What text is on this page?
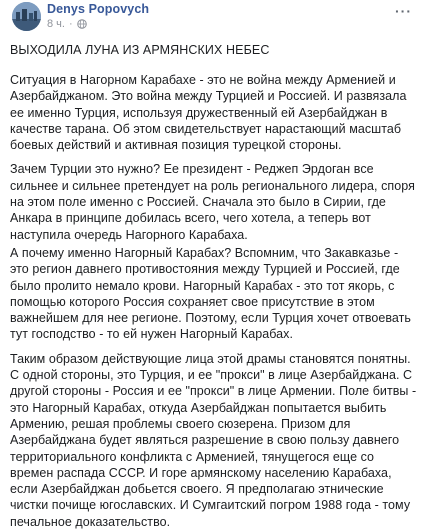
Denys Popovych
8 ч. ·
···
ВЫХОДИЛА ЛУНА ИЗ АРМЯНСКИХ НЕБЕС

Ситуация в Нагорном Карабахе - это не война между Арменией и Азербайджаном. Это война между Турцией и Россией. И развязала ее именно Турция, используя дружественный ей Азербайджан в качестве тарана. Об этом свидетельствует нарастающий масштаб боевых действий и активная позиция турецкой стороны.

Зачем Турции это нужно? Ее президент - Реджеп Эрдоган все сильнее и сильнее претендует на роль регионального лидера, споря на этом поле именно с Россией. Сначала это было в Сирии, где Анкара в принципе добилась всего, чего хотела, а теперь вот наступила очередь Нагорного Карабаха.

А почему именно Нагорный Карабах? Вспомним, что Закавказье - это регион давнего противостояния между Турцией и Россией, где было пролито немало крови. Нагорный Карабах - это тот якорь, с помощью которого Россия сохраняет свое присутствие в этом важнейшем для нее регионе. Поэтому, если Турция хочет отвоевать тут господство - то ей нужен Нагорный Карабах.

Таким образом действующие лица этой драмы становятся понятны. С одной стороны, это Турция, и ее "прокси" в лице Азербайджана. С другой стороны - Россия и ее "прокси" в лице Армении. Поле битвы - это Нагорный Карабах, откуда Азербайджан попытается выбить Армению, решая проблемы своего сюзерена. Призом для Азербайджана будет являться разрешение в свою пользу давнего территориального конфликта с Арменией, тянущегося еще со времен распада СССР. И горе армянскому населению Карабаха, если Азербайджан добьется своего. Я предполагаю этнические чистки почище югославских. И Сумгаитский погром 1988 года - тому печальное доказательство.
